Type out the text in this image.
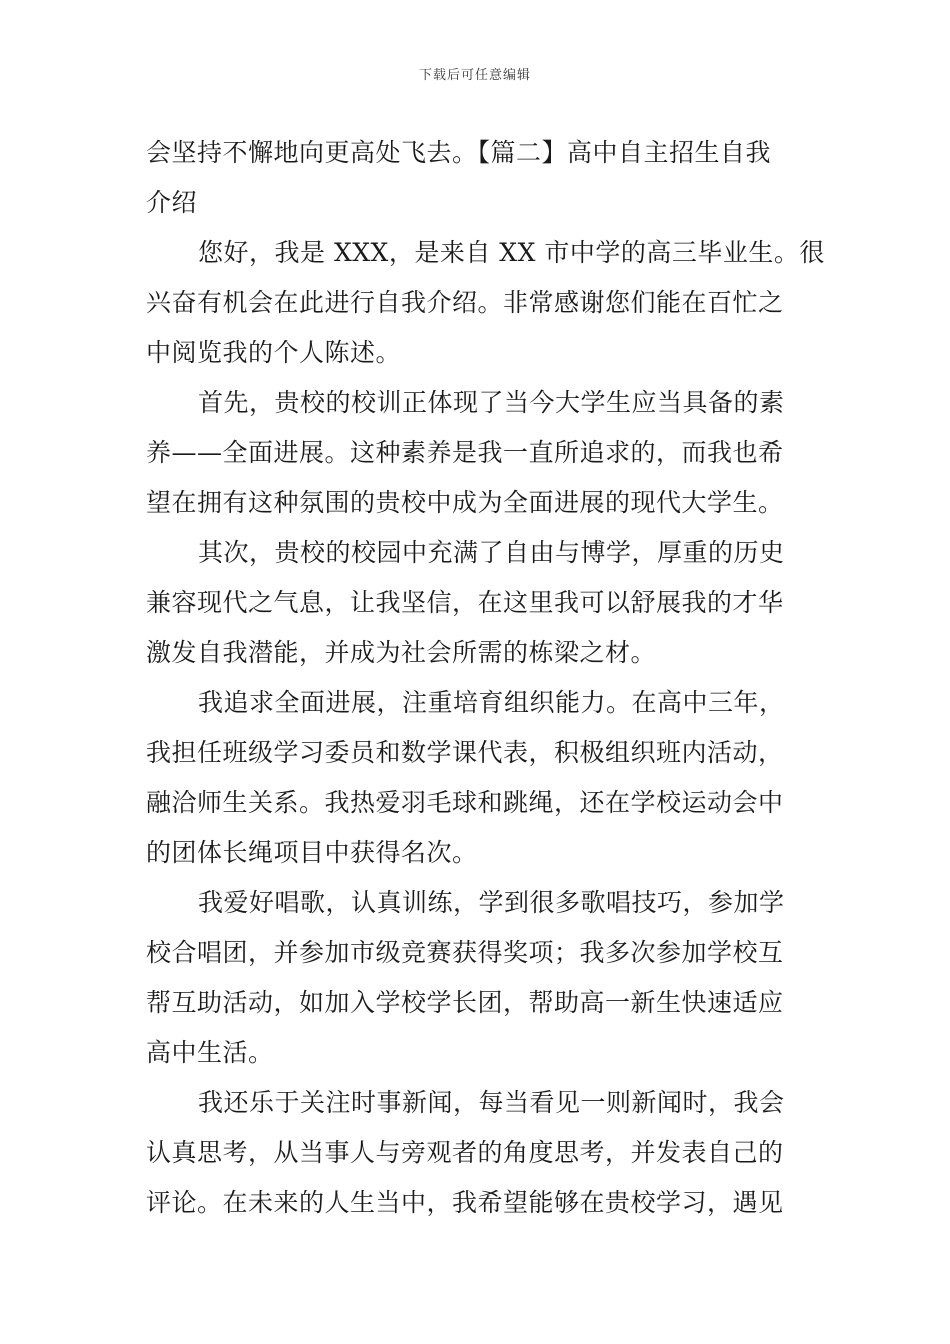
下载后可任意编辑
会坚持不懈地向更高处飞去。【篇二】高中自主招生自我
介绍
您好，我是 XXX，是来自 XX 市中学的高三毕业生。很
兴奋有机会在此进行自我介绍。非常感谢您们能在百忙之
中阅览我的个人陈述。
首先，贵校的校训正体现了当今大学生应当具备的素
养——全面进展。这种素养是我一直所追求的，而我也希
望在拥有这种氛围的贵校中成为全面进展的现代大学生。
其次，贵校的校园中充满了自由与博学，厚重的历史
兼容现代之气息，让我坚信，在这里我可以舒展我的才华
激发自我潜能，并成为社会所需的栋梁之材。
我追求全面进展，注重培育组织能力。在高中三年，
我担任班级学习委员和数学课代表，积极组织班内活动，
融洽师生关系。我热爱羽毛球和跳绳，还在学校运动会中
的团体长绳项目中获得名次。
我爱好唱歌，认真训练，学到很多歌唱技巧，参加学
校合唱团，并参加市级竞赛获得奖项；我多次参加学校互
帮互助活动，如加入学校学长团，帮助高一新生快速适应
高中生活。
我还乐于关注时事新闻，每当看见一则新闻时，我会
认真思考，从当事人与旁观者的角度思考，并发表自己的
评论。在未来的人生当中，我希望能够在贵校学习，遇见
